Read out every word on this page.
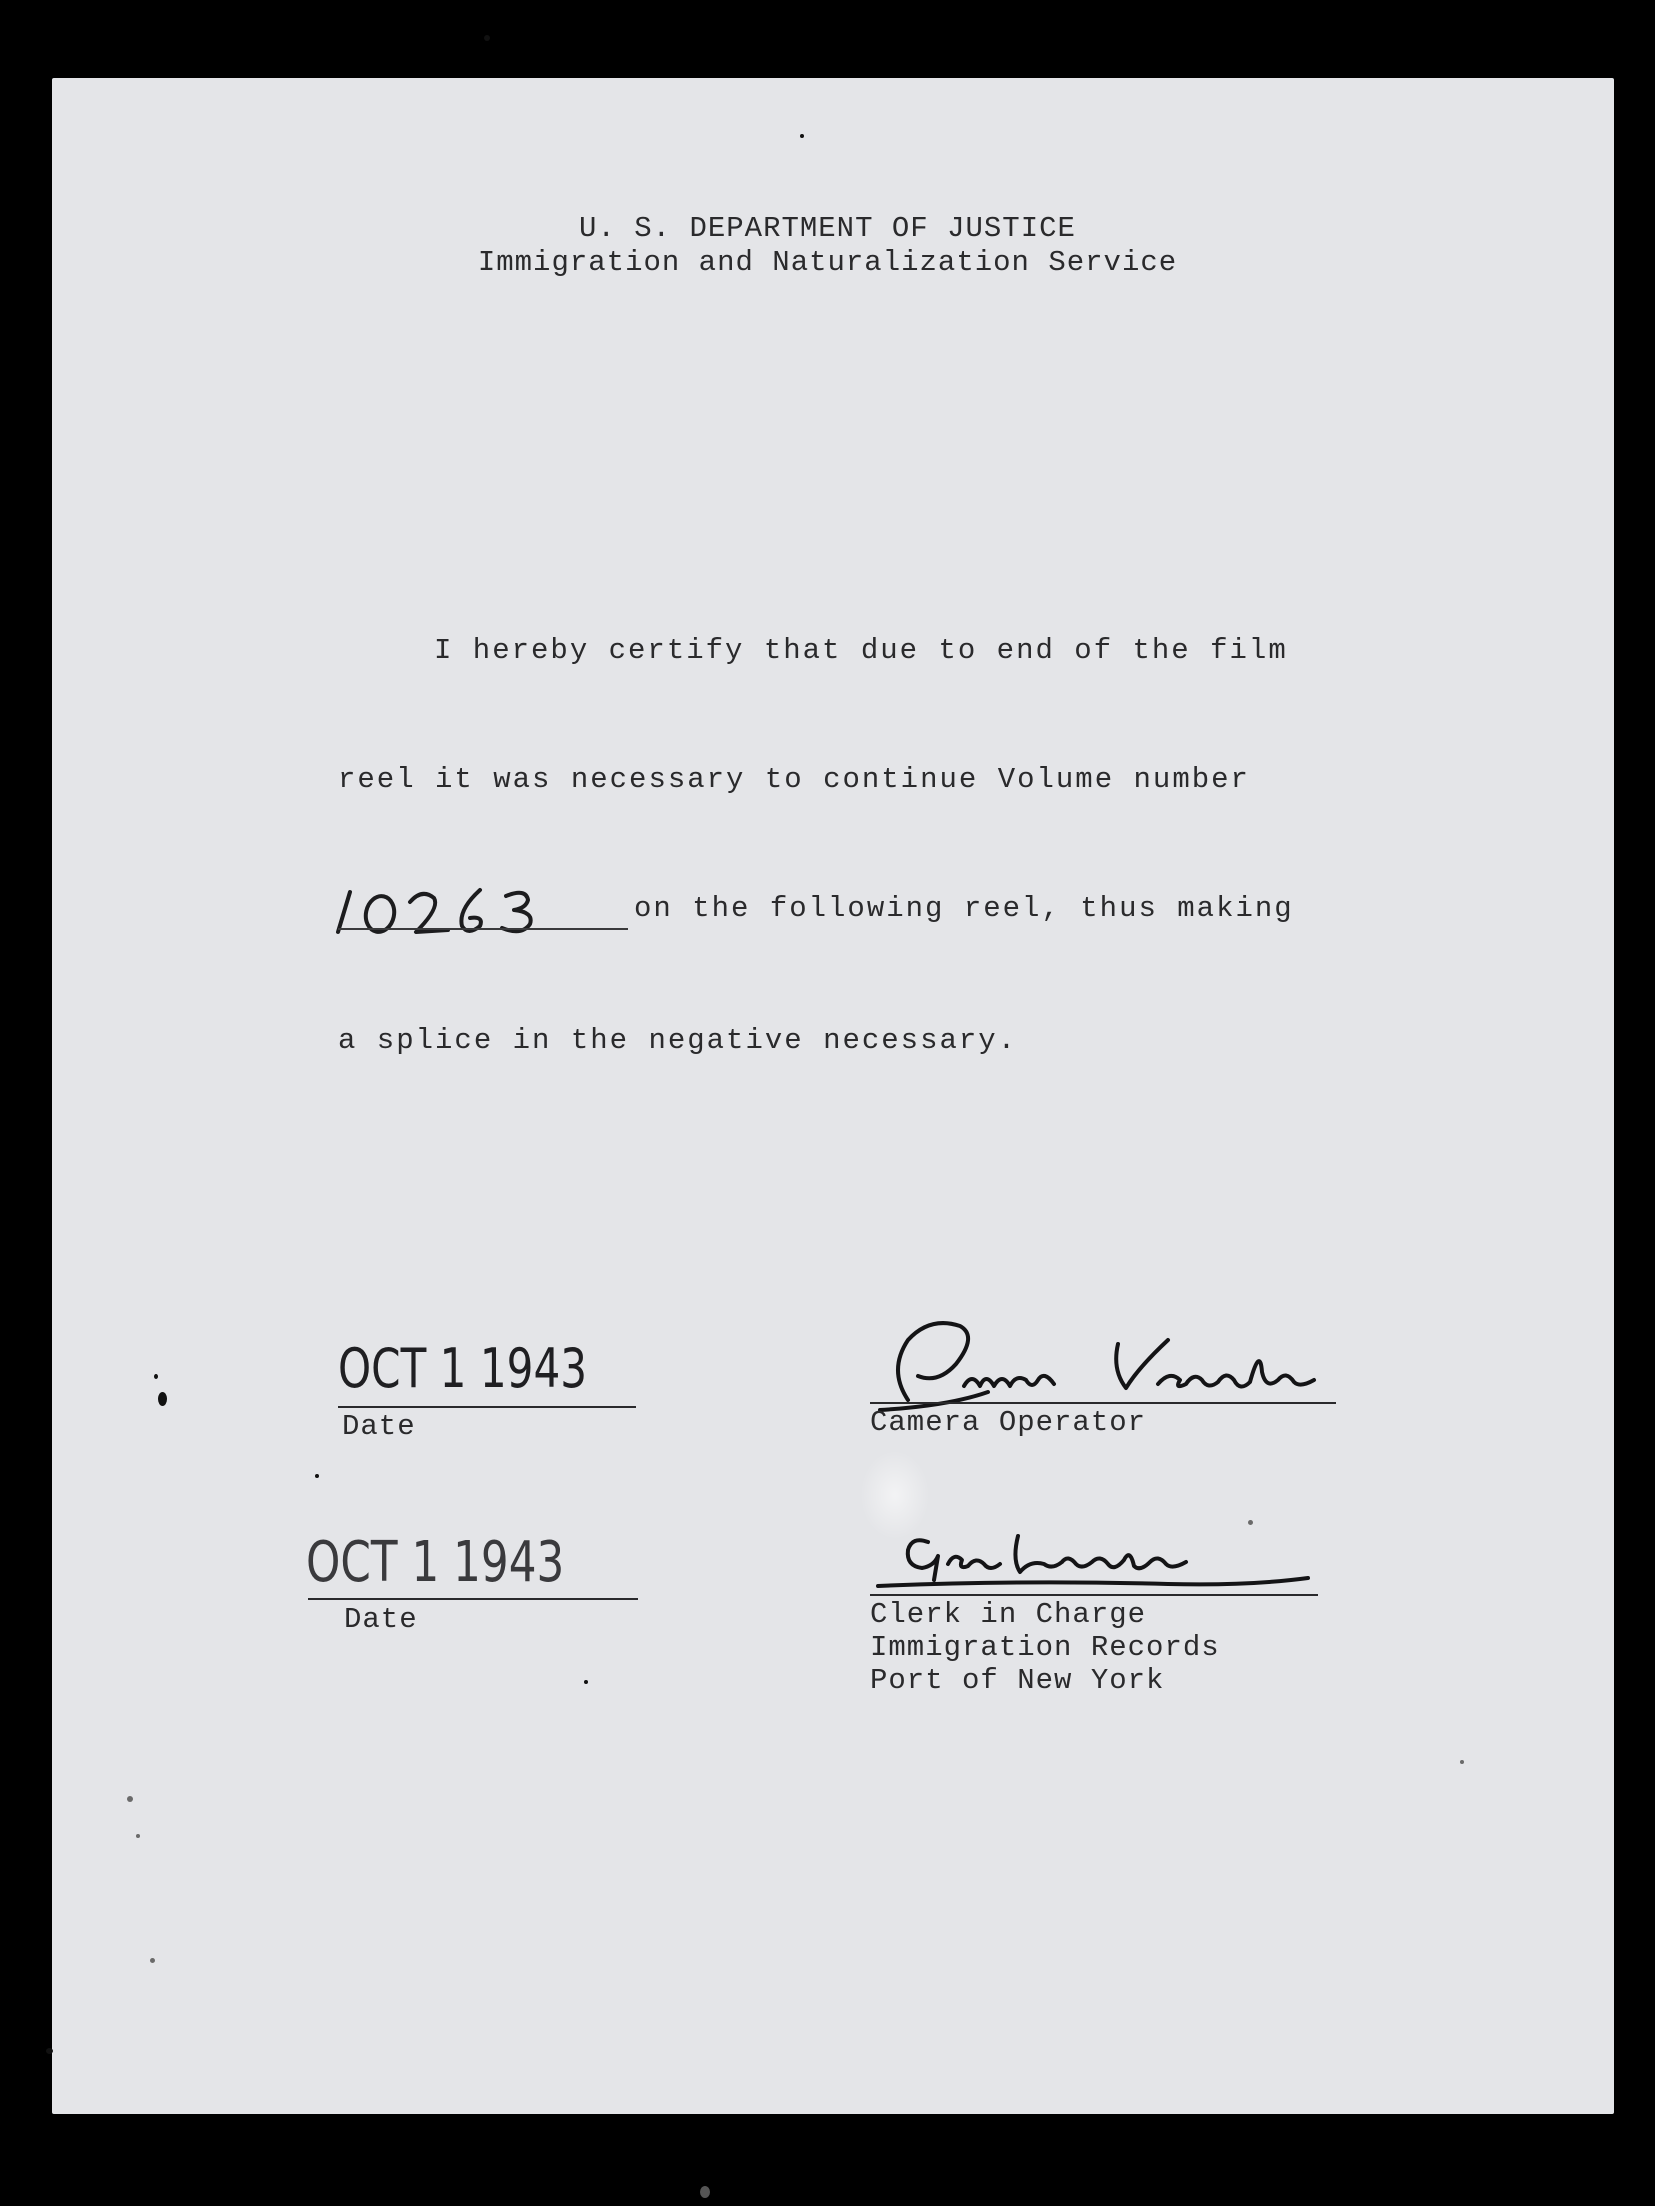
U. S. DEPARTMENT OF JUSTICE
Immigration and Naturalization Service
I hereby certify that due to end of the film
reel it was necessary to continue Volume number
on the following reel, thus making
a splice in the negative necessary.
OCT 1 1943
Date	Camera Operator
OCT 1 1943
Date	Clerk in Charge
Immigration Records
Port of New York
